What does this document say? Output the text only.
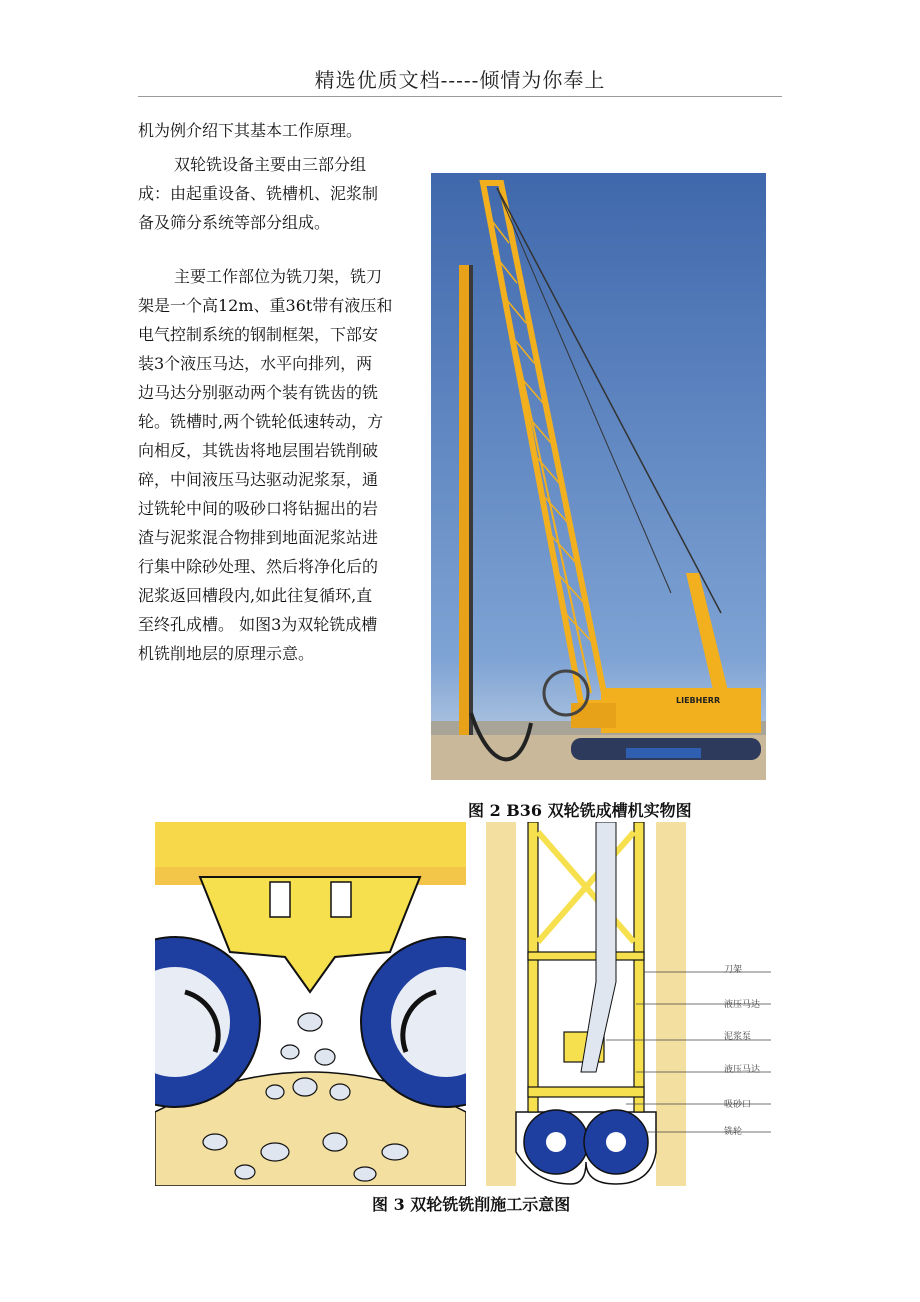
精选优质文档-----倾情为你奉上
机为例介绍下其基本工作原理。
双轮铣设备主要由三部分组
成：由起重设备、铣槽机、泥浆制
备及筛分系统等部分组成。
主要工作部位为铣刀架，铣刀
架是一个高12m、重36t带有液压和
电气控制系统的钢制框架，下部安
装3个液压马达，水平向排列，两
边马达分别驱动两个装有铣齿的铣
轮。铣槽时,两个铣轮低速转动，方
向相反，其铣齿将地层围岩铣削破
碎，中间液压马达驱动泥浆泵，通
过铣轮中间的吸砂口将钻掘出的岩
渣与泥浆混合物排到地面泥浆站进
行集中除砂处理、然后将净化后的
泥浆返回槽段内,如此往复循环,直
至终孔成槽。 如图3为双轮铣成槽
机铣削地层的原理示意。
LIEBHERR
图 2 B36 双轮铣成槽机实物图
刀架
液压马达
泥浆泵
液压马达
吸砂口
铣轮
图 3 双轮铣铣削施工示意图
